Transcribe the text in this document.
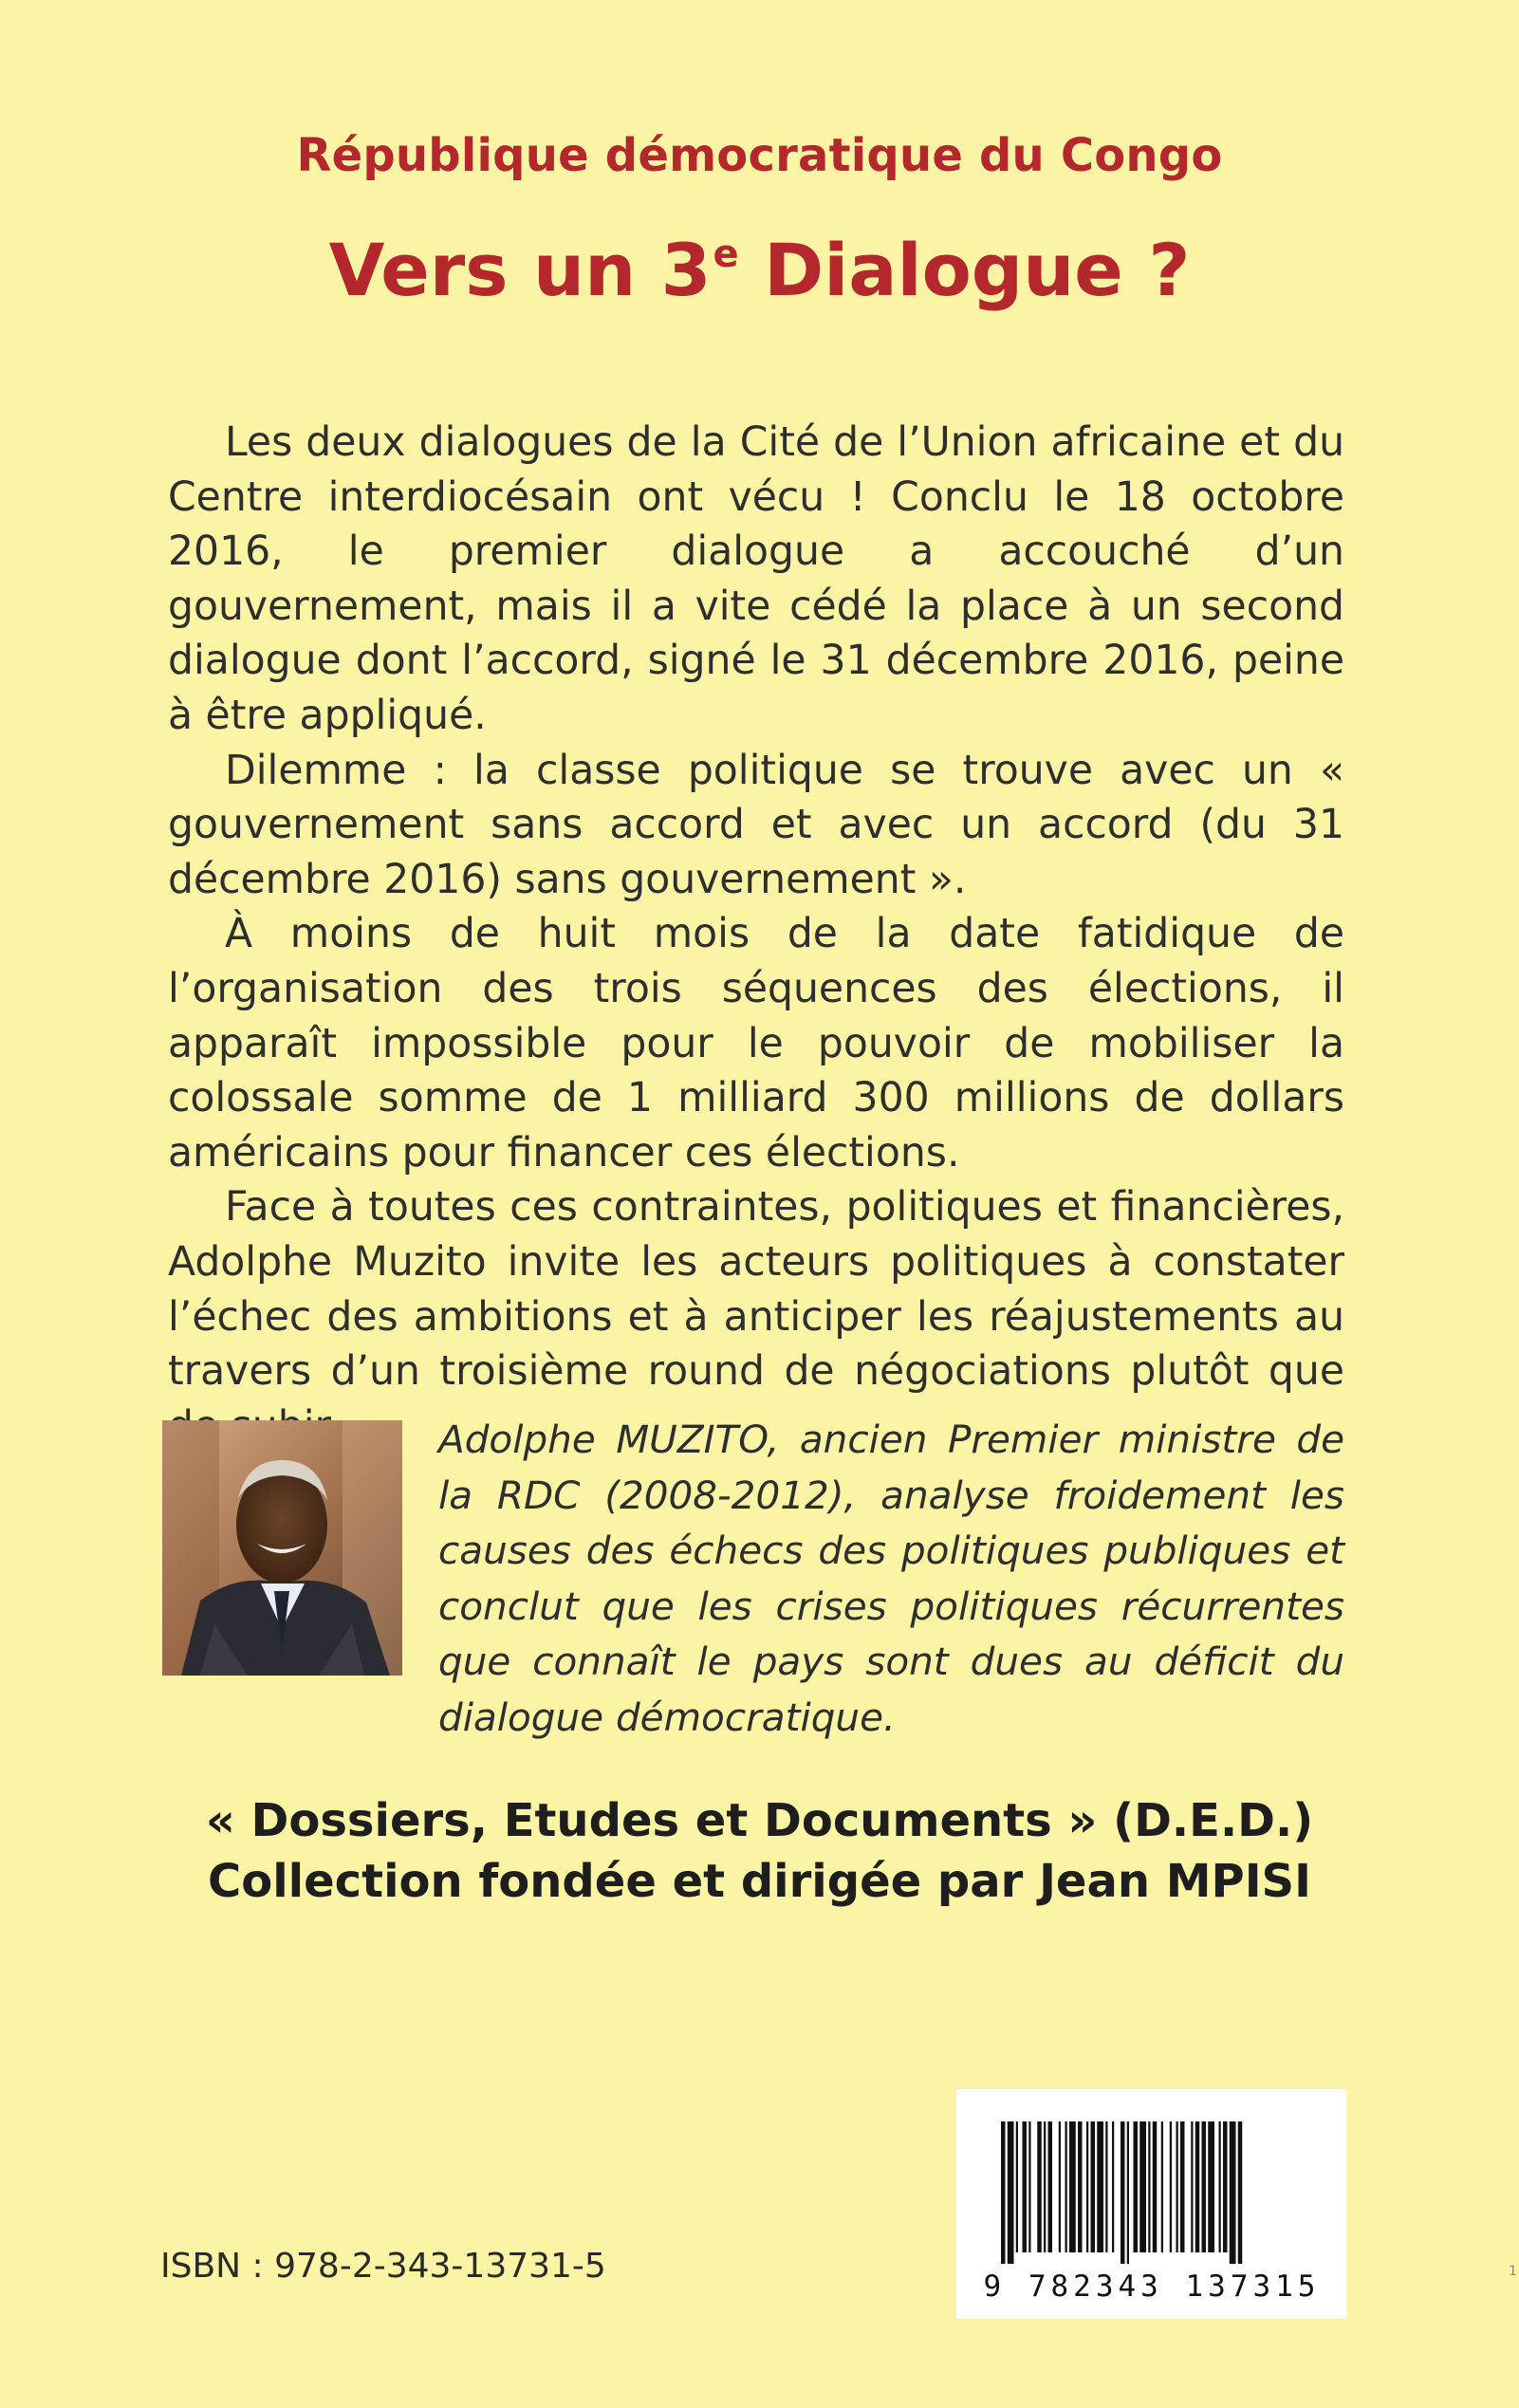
République démocratique du Congo
Vers un 3e Dialogue ?

Les deux dialogues de la Cité de l’Union africaine et du Centre interdiocésain ont vécu ! Conclu le 18 octobre 2016, le premier dialogue a accouché d’un gouvernement, mais il a vite cédé la place à un second dialogue dont l’accord, signé le 31 décembre 2016, peine à être appliqué.

Dilemme : la classe politique se trouve avec un « gouvernement sans accord et avec un accord (du 31 décembre 2016) sans gouvernement ».

À moins de huit mois de la date fatidique de l’organisation des trois séquences des élections, il apparaît impossible pour le pouvoir de mobiliser la colossale somme de 1 milliard 300 millions de dollars américains pour financer ces élections.

Face à toutes ces contraintes, politiques et financières, Adolphe Muzito invite les acteurs politiques à constater l’échec des ambitions et à anticiper les réajustements au travers d’un troisième round de négociations plutôt que

Adolphe MUZITO, ancien Premier ministre de la RDC (2008-2012), analyse froidement les causes des échecs des politiques publiques et conclut que les crises politiques récurrentes que connaît le pays sont dues au déficit du dialogue démocratique.
« Dossiers, Etudes et Documents » (D.E.D.)
Collection fondée et dirigée par Jean MPISI
9 782343 137315
ISBN : 978-2-343-13731-5	1
